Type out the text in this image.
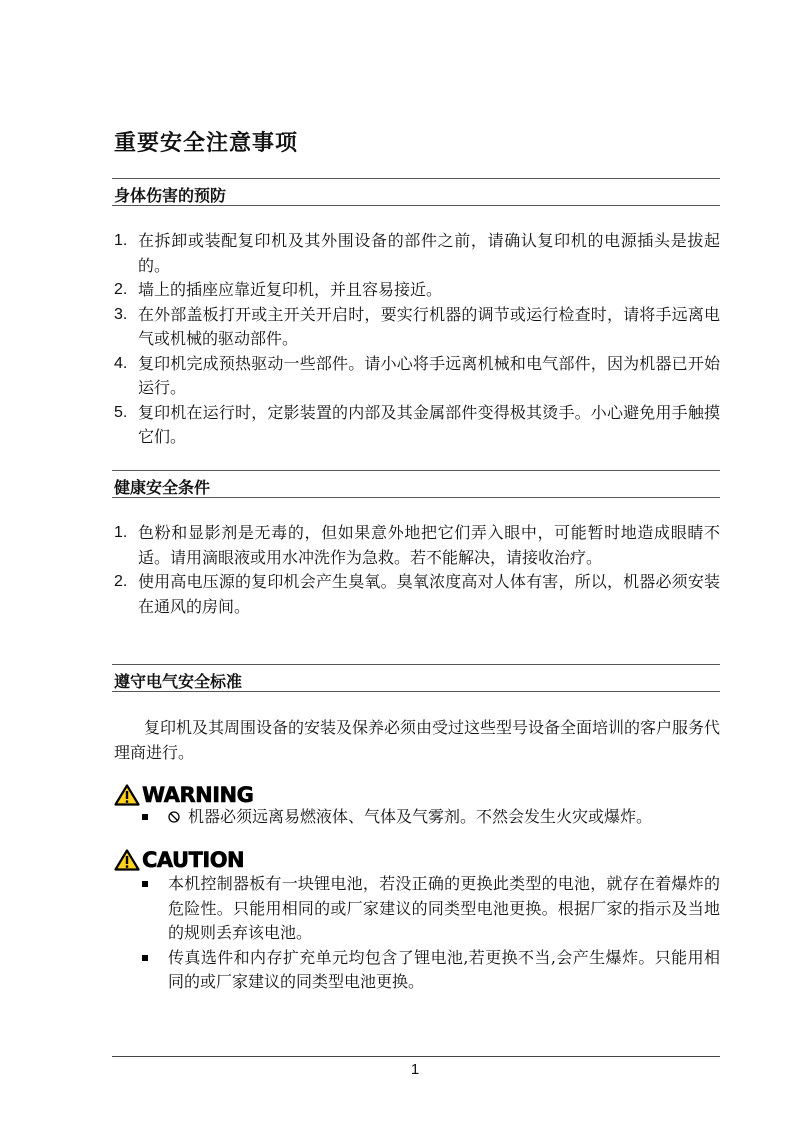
重要安全注意事项
身体伤害的预防
1. 在拆卸或装配复印机及其外围设备的部件之前，请确认复印机的电源插头是拔起的。
2. 墙上的插座应靠近复印机，并且容易接近。
3. 在外部盖板打开或主开关开启时，要实行机器的调节或运行检查时，请将手远离电气或机械的驱动部件。
4. 复印机完成预热驱动一些部件。请小心将手远离机械和电气部件，因为机器已开始运行。
5. 复印机在运行时，定影装置的内部及其金属部件变得极其烫手。小心避免用手触摸它们。
健康安全条件
1. 色粉和显影剂是无毒的，但如果意外地把它们弄入眼中，可能暂时地造成眼睛不适。请用滴眼液或用水冲洗作为急救。若不能解决，请接收治疗。
2. 使用高电压源的复印机会产生臭氧。臭氧浓度高对人体有害，所以，机器必须安装在通风的房间。
遵守电气安全标准

复印机及其周围设备的安装及保养必须由受过这些型号设备全面培训的客户服务代理商进行。

WARNING
机器必须远离易燃液体、气体及气雾剂。不然会发生火灾或爆炸。
CAUTION
本机控制器板有一块锂电池，若没正确的更换此类型的电池，就存在着爆炸的危险性。只能用相同的或厂家建议的同类型电池更换。根据厂家的指示及当地的规则丢弃该电池。
传真选件和内存扩充单元均包含了锂电池,若更换不当,会产生爆炸。只能用相同的或厂家建议的同类型电池更换。
1
